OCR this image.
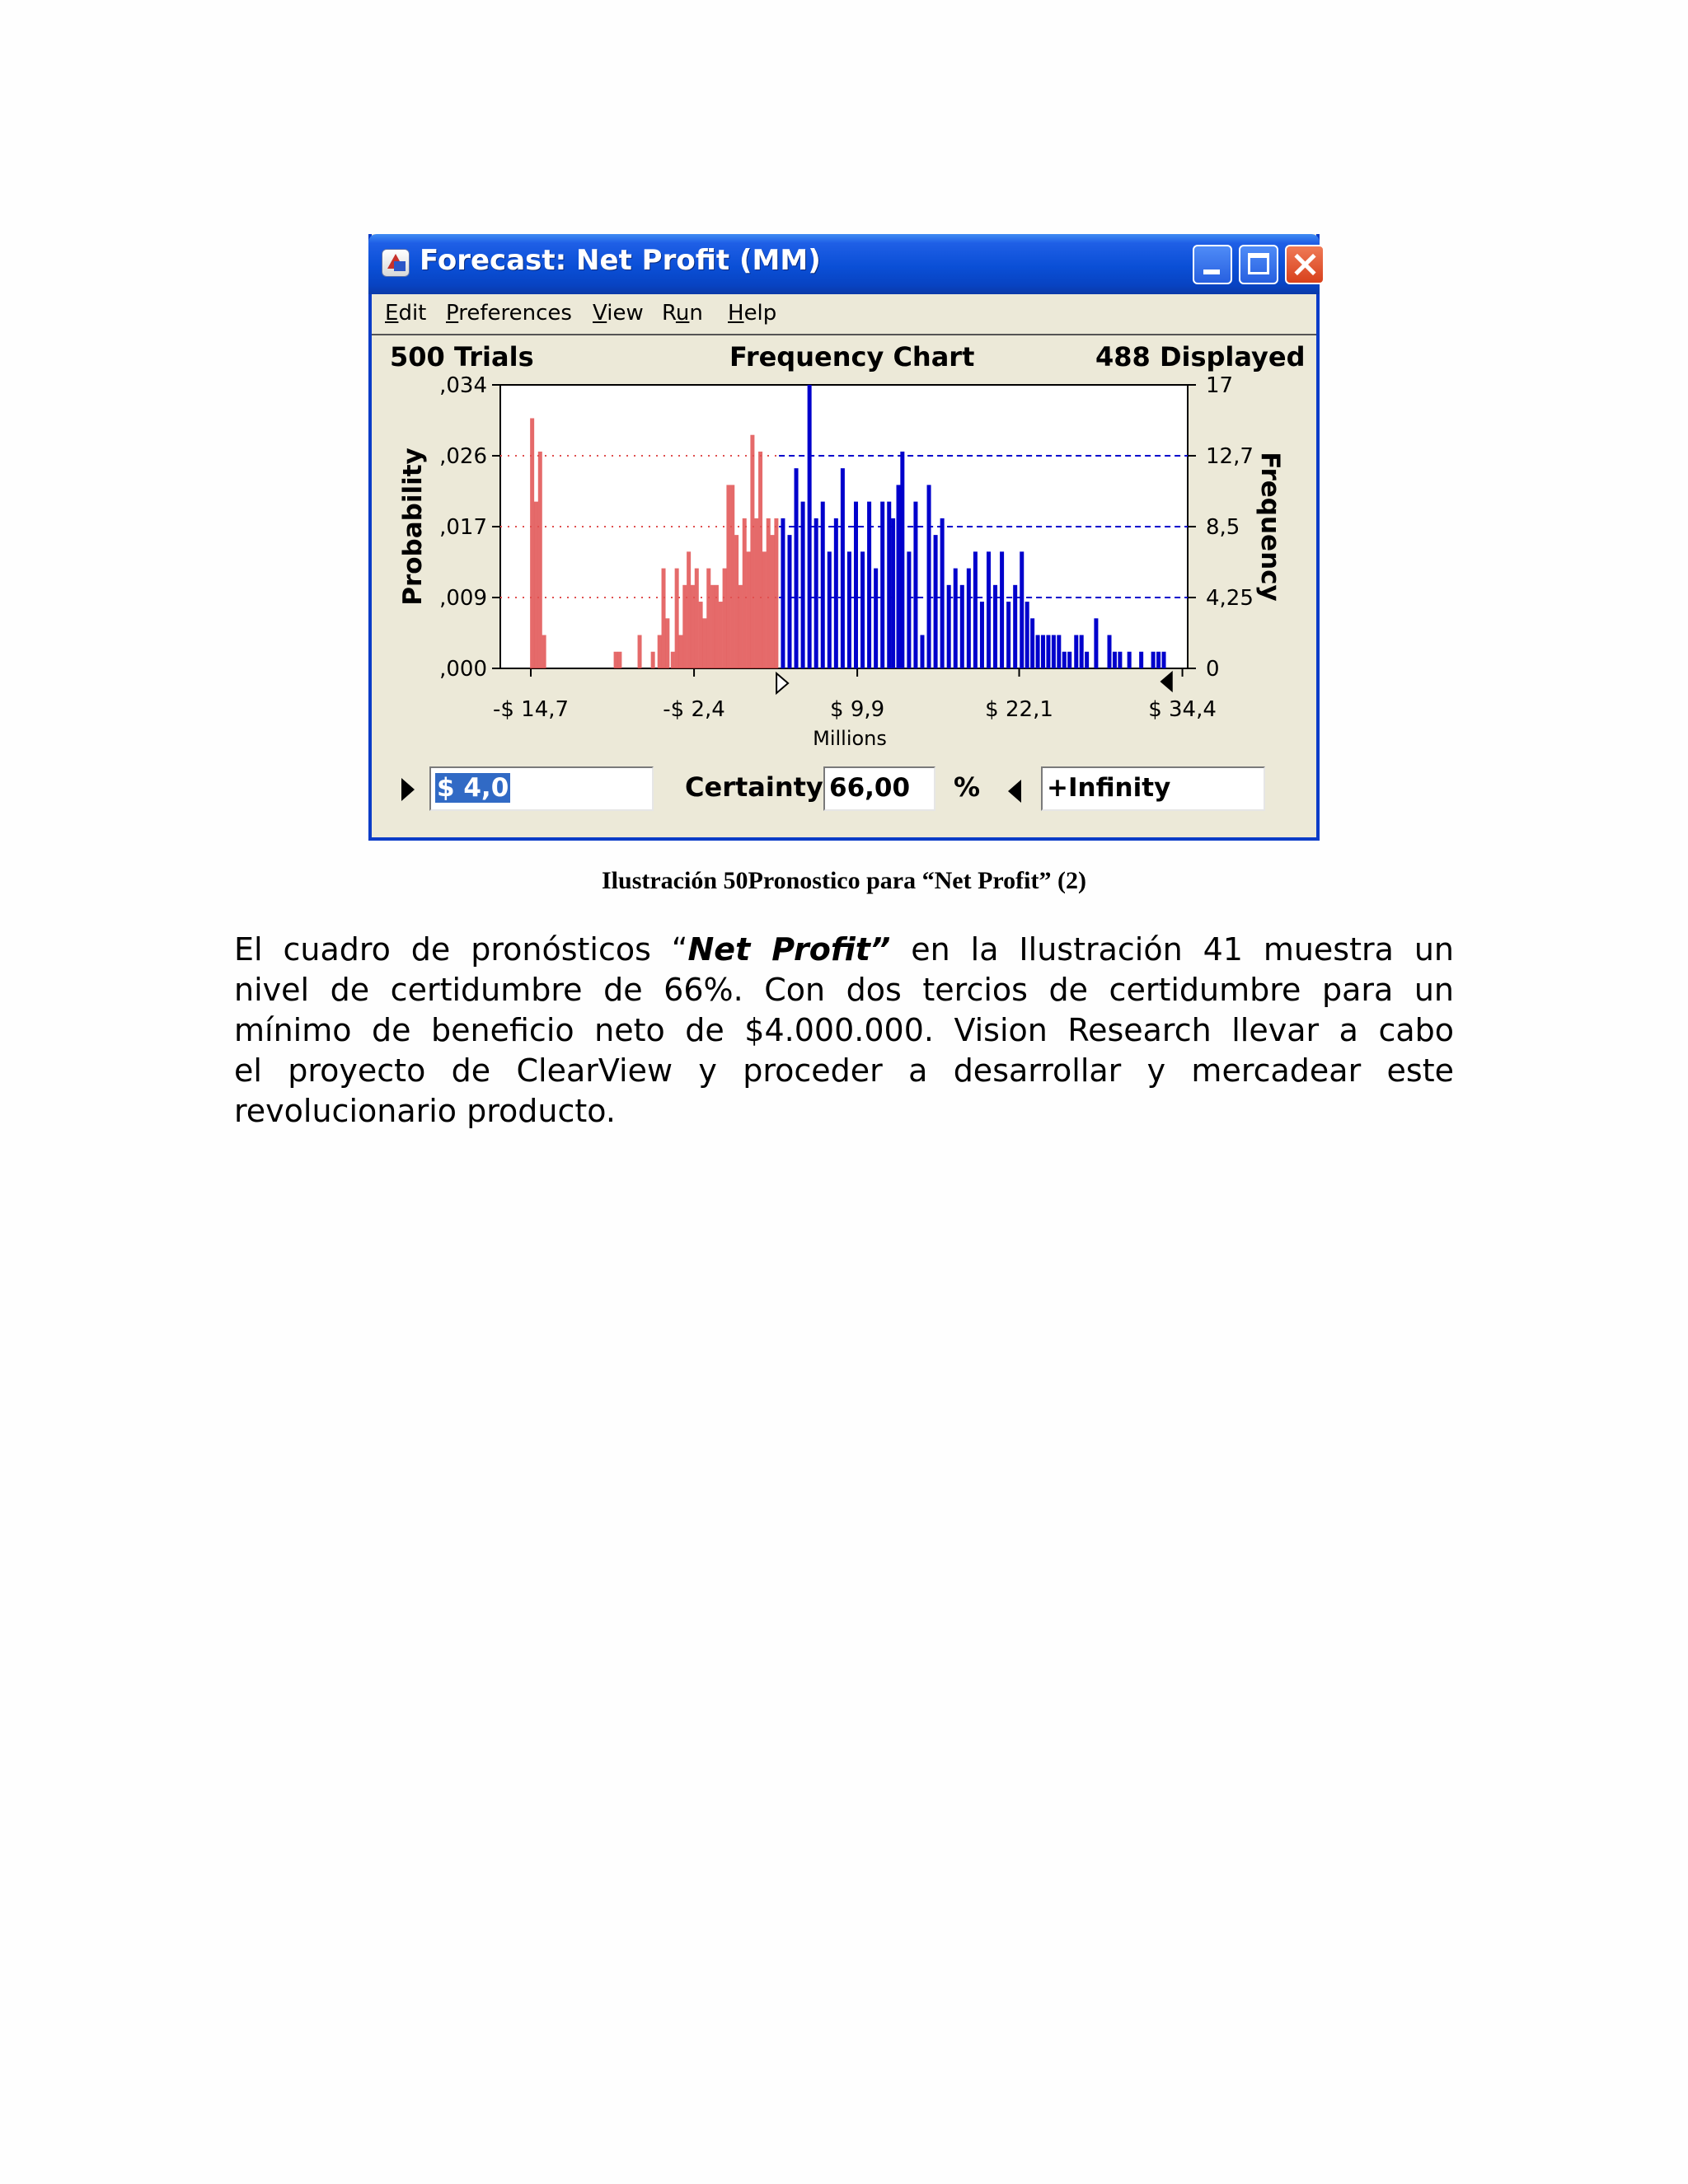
Forecast: Net Profit (MM)
Edit Preferences View Run Help
500 Trials	Frequency Chart	488 Displayed
,034
,026
,017
,009
,000
17
12,7
8,5
4,25
0
-$ 14,7	-$ 2,4	$ 9,9	$ 22,1	$ 34,4
Probability	Frequency
Millions
$ 4,0	Certainty 66,00	%	+Infinity
Ilustración 50Pronostico para “Net Profit” (2)
El cuadro de pronósticos “Net Profit” en la Ilustración 41 muestra un
nivel de certidumbre de 66%. Con dos tercios de certidumbre para un
mínimo de beneficio neto de $4.000.000. Vision Research llevar a cabo
el proyecto de ClearView y proceder a desarrollar y mercadear este
revolucionario producto.
